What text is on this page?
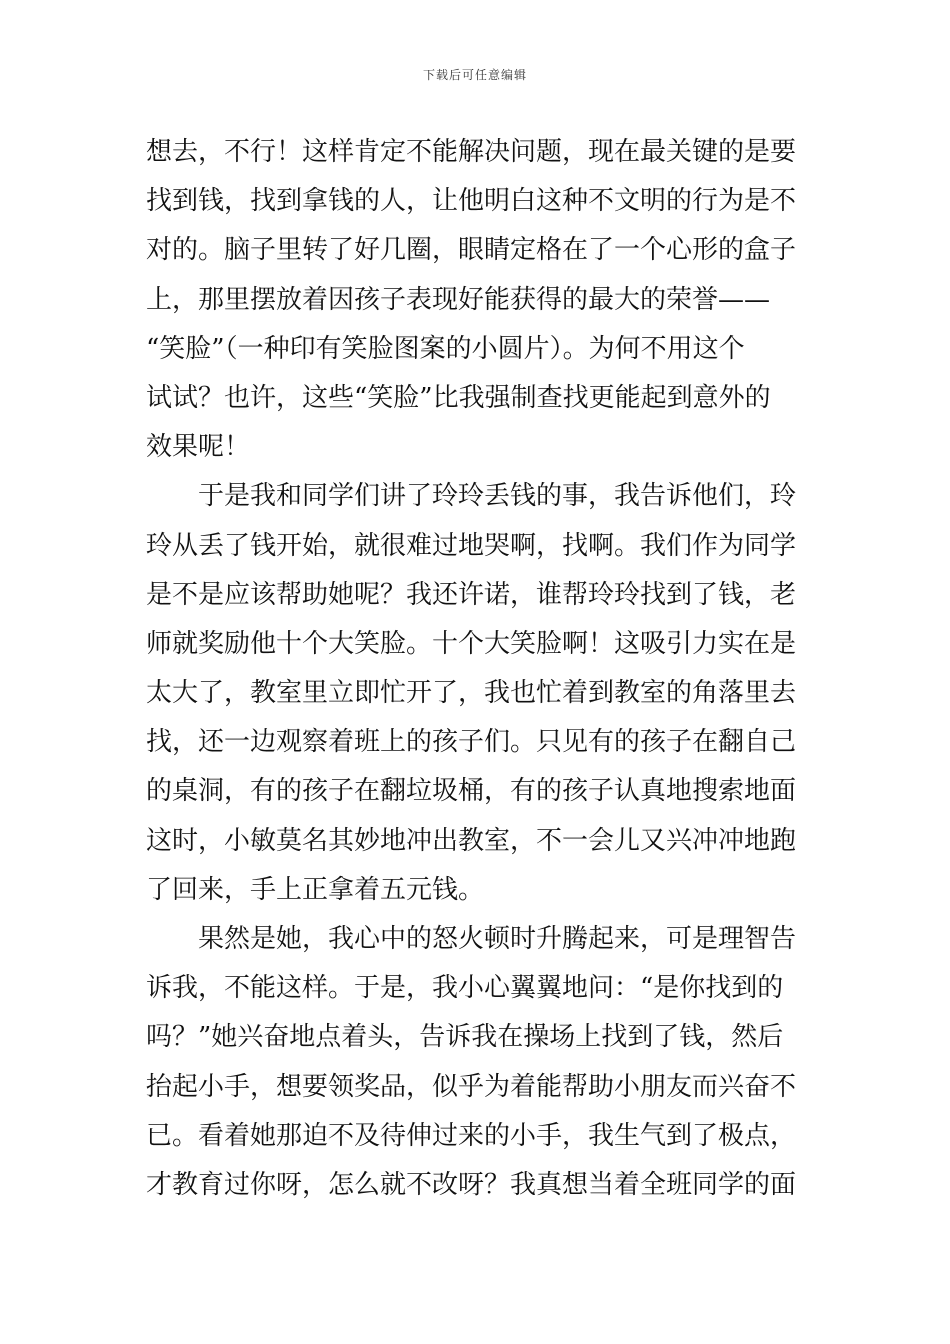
下载后可任意编辑
想去，不行！这样肯定不能解决问题，现在最关键的是要
找到钱，找到拿钱的人，让他明白这种不文明的行为是不
对的。脑子里转了好几圈，眼睛定格在了一个心形的盒子
上，那里摆放着因孩子表现好能获得的最大的荣誉——
“笑脸”（一种印有笑脸图案的小圆片）。为何不用这个
试试？也许，这些“笑脸”比我强制查找更能起到意外的
效果呢！
于是我和同学们讲了玲玲丢钱的事，我告诉他们，玲
玲从丢了钱开始，就很难过地哭啊，找啊。我们作为同学
是不是应该帮助她呢？我还许诺，谁帮玲玲找到了钱，老
师就奖励他十个大笑脸。十个大笑脸啊！这吸引力实在是
太大了，教室里立即忙开了，我也忙着到教室的角落里去
找，还一边观察着班上的孩子们。只见有的孩子在翻自己
的桌洞，有的孩子在翻垃圾桶，有的孩子认真地搜索地面
这时，小敏莫名其妙地冲出教室，不一会儿又兴冲冲地跑
了回来，手上正拿着五元钱。
果然是她，我心中的怒火顿时升腾起来，可是理智告
诉我，不能这样。于是，我小心翼翼地问：“是你找到的
吗？”她兴奋地点着头，告诉我在操场上找到了钱，然后
抬起小手，想要领奖品，似乎为着能帮助小朋友而兴奋不
已。看着她那迫不及待伸过来的小手，我生气到了极点，
才教育过你呀，怎么就不改呀？我真想当着全班同学的面
